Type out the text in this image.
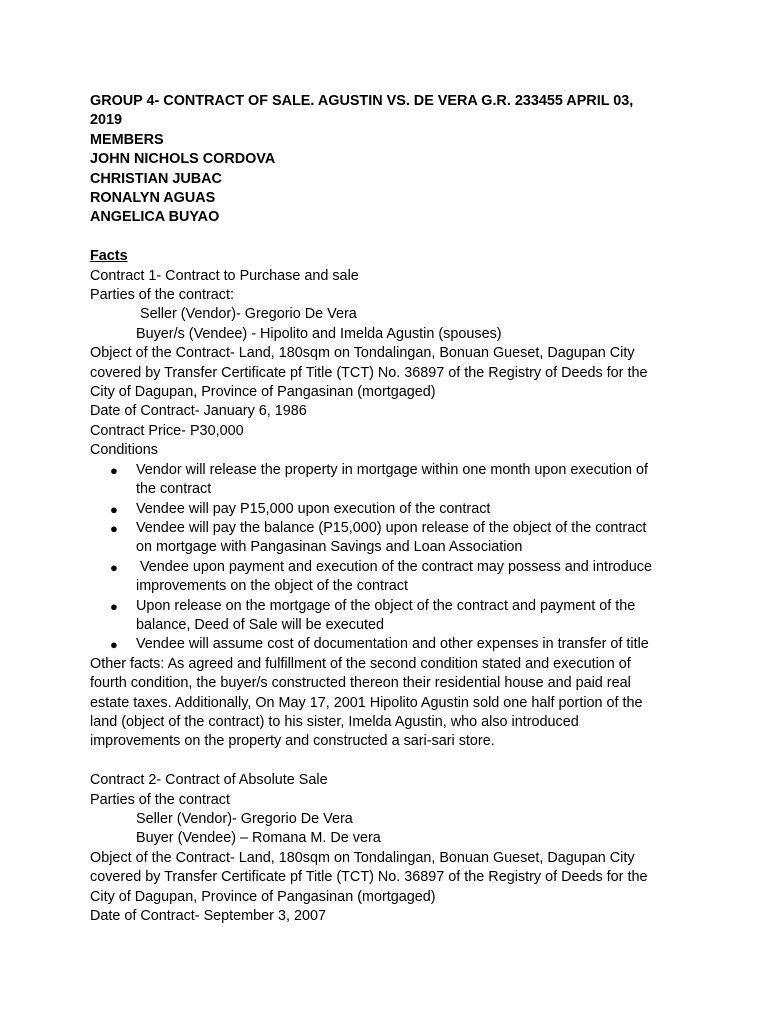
GROUP 4- CONTRACT OF SALE. AGUSTIN VS. DE VERA G.R. 233455 APRIL 03,
2019
MEMBERS
JOHN NICHOLS CORDOVA
CHRISTIAN JUBAC
RONALYN AGUAS
ANGELICA BUYAO
Facts
Contract 1- Contract to Purchase and sale
Parties of the contract:
Seller (Vendor)- Gregorio De Vera
Buyer/s (Vendee) - Hipolito and Imelda Agustin (spouses)
Object of the Contract- Land, 180sqm on Tondalingan, Bonuan Gueset, Dagupan City
covered by Transfer Certificate pf Title (TCT) No. 36897 of the Registry of Deeds for the
City of Dagupan, Province of Pangasinan (mortgaged)
Date of Contract- January 6, 1986
Contract Price- P30,000
Conditions
● Vendor will release the property in mortgage within one month upon execution of
the contract
● Vendee will pay P15,000 upon execution of the contract
● Vendee will pay the balance (P15,000) upon release of the object of the contract
on mortgage with Pangasinan Savings and Loan Association
● Vendee upon payment and execution of the contract may possess and introduce
improvements on the object of the contract
● Upon release on the mortgage of the object of the contract and payment of the
balance, Deed of Sale will be executed
● Vendee will assume cost of documentation and other expenses in transfer of title
Other facts: As agreed and fulfillment of the second condition stated and execution of
fourth condition, the buyer/s constructed thereon their residential house and paid real
estate taxes. Additionally, On May 17, 2001 Hipolito Agustin sold one half portion of the
land (object of the contract) to his sister, Imelda Agustin, who also introduced
improvements on the property and constructed a sari-sari store.
Contract 2- Contract of Absolute Sale
Parties of the contract
Seller (Vendor)- Gregorio De Vera
Buyer (Vendee) – Romana M. De vera
Object of the Contract- Land, 180sqm on Tondalingan, Bonuan Gueset, Dagupan City
covered by Transfer Certificate pf Title (TCT) No. 36897 of the Registry of Deeds for the
City of Dagupan, Province of Pangasinan (mortgaged)
Date of Contract- September 3, 2007
